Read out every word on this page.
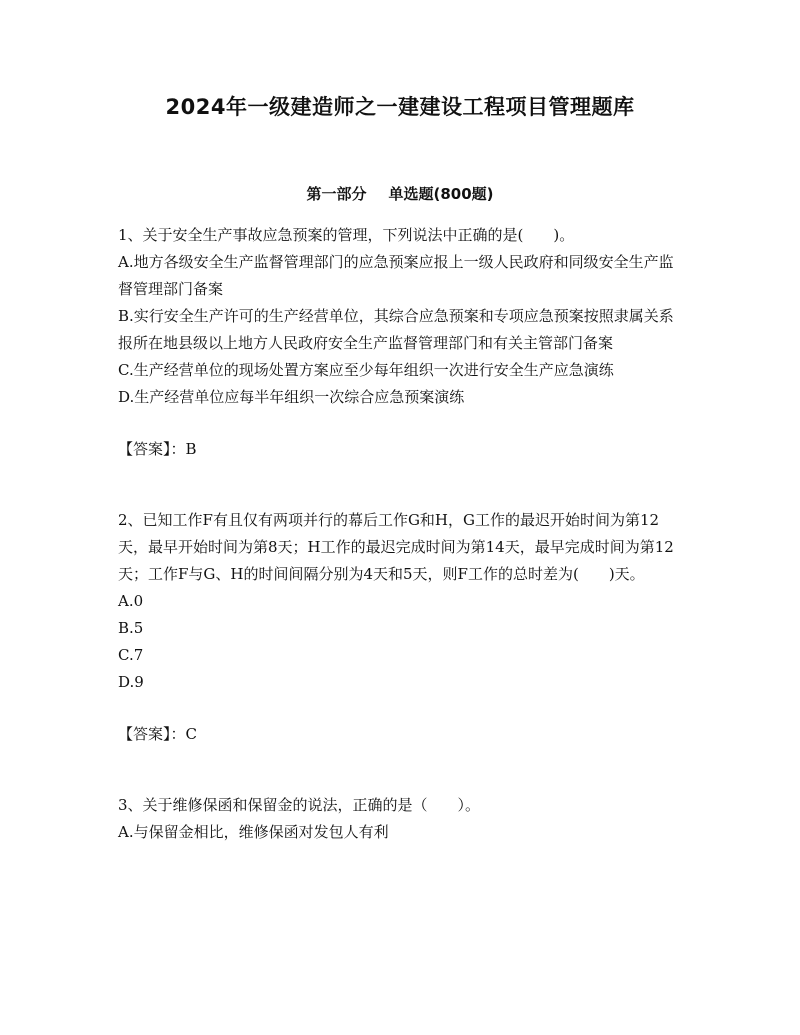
2024年一级建造师之一建建设工程项目管理题库
第一部分 单选题(800题)

1、关于安全生产事故应急预案的管理，下列说法中正确的是(　　)。

A.地方各级安全生产监督管理部门的应急预案应报上一级人民政府和同级安全生产监督管理部门备案

B.实行安全生产许可的生产经营单位，其综合应急预案和专项应急预案按照隶属关系报所在地县级以上地方人民政府安全生产监督管理部门和有关主管部门备案

C.生产经营单位的现场处置方案应至少每年组织一次进行安全生产应急演练

D.生产经营单位应每半年组织一次综合应急预案演练

【答案】：B

2、已知工作F有且仅有两项并行的幕后工作G和H，G工作的最迟开始时间为第12天，最早开始时间为第8天；H工作的最迟完成时间为第14天，最早完成时间为第12天；工作F与G、H的时间间隔分别为4天和5天，则F工作的总时差为(　　)天。

A.0

B.5

C.7

D.9

【答案】：C

3、关于维修保函和保留金的说法，正确的是（　　）。

A.与保留金相比，维修保函对发包人有利
